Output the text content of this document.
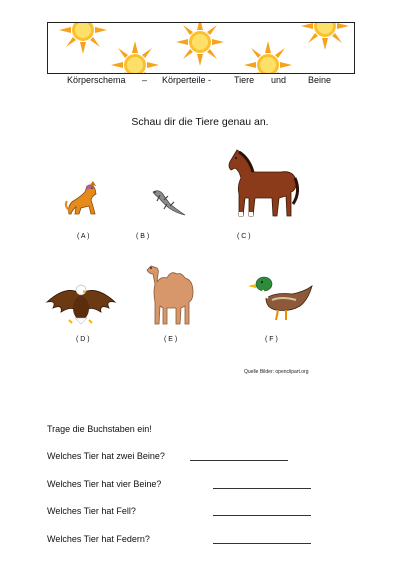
Körperschema – Körperteile -	Tiere und Beine
Schau dir die Tiere genau an.
( A )	( B )	( C )
( D )	( E )	( F )
Quelle Bilder: openclipart.org
Trage die Buchstaben ein!
Welches Tier hat zwei Beine?
Welches Tier hat vier Beine?
Welches Tier hat Fell?
Welches Tier hat Federn?
